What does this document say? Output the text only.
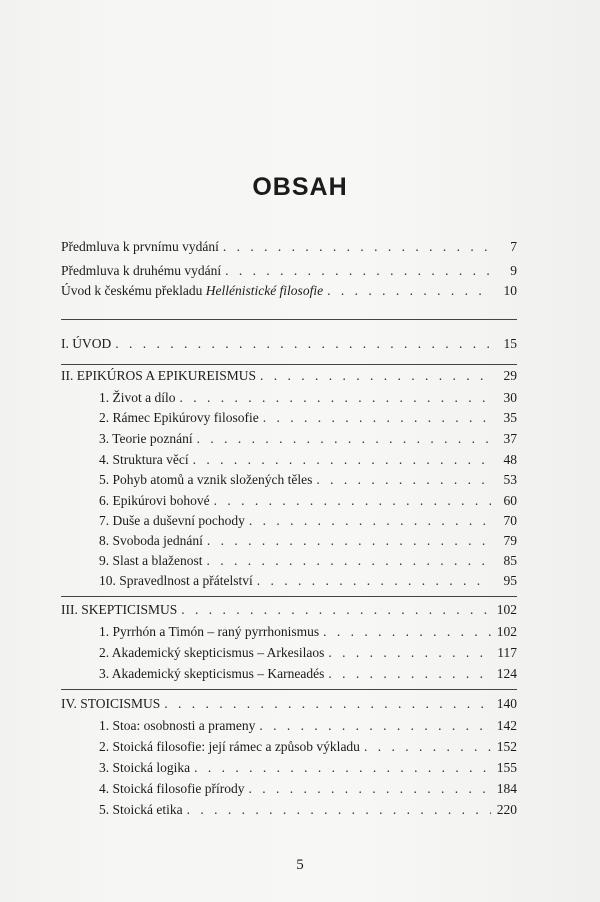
OBSAH
Předmluva k prvnímu vydání . . .	7
Předmluva k druhému vydání . . .	9
Úvod k českému překladu Hellénistické filosofie . . .	10
I. ÚVOD . . .	15
II. EPIKÚROS A EPIKUREISMUS . . .	29
1. Život a dílo . . .	30
2. Rámec Epikúrovy filosofie . . .	35
3. Teorie poznání . . .	37
4. Struktura věcí . . .	48
5. Pohyb atomů a vznik složených těles . . .	53
6. Epikúrovi bohové . . .	60
7. Duše a duševní pochody . . .	70
8. Svoboda jednání . . .	79
9. Slast a blaženost . . .	85
10. Spravedlnost a přátelství . . .	95
III. SKEPTICISMUS . . .	102
1. Pyrrhón a Timón – raný pyrrhonismus . . .	102
2. Akademický skepticismus – Arkesilaos . . .	117
3. Akademický skepticismus – Karneadés . . .	124
IV. STOICISMUS . . .	140
1. Stoa: osobnosti a prameny . . .	142
2. Stoická filosofie: její rámec a způsob výkladu . . .	152
3. Stoická logika . . .	155
4. Stoická filosofie přírody . . .	184
5. Stoická etika . . .	220
5
